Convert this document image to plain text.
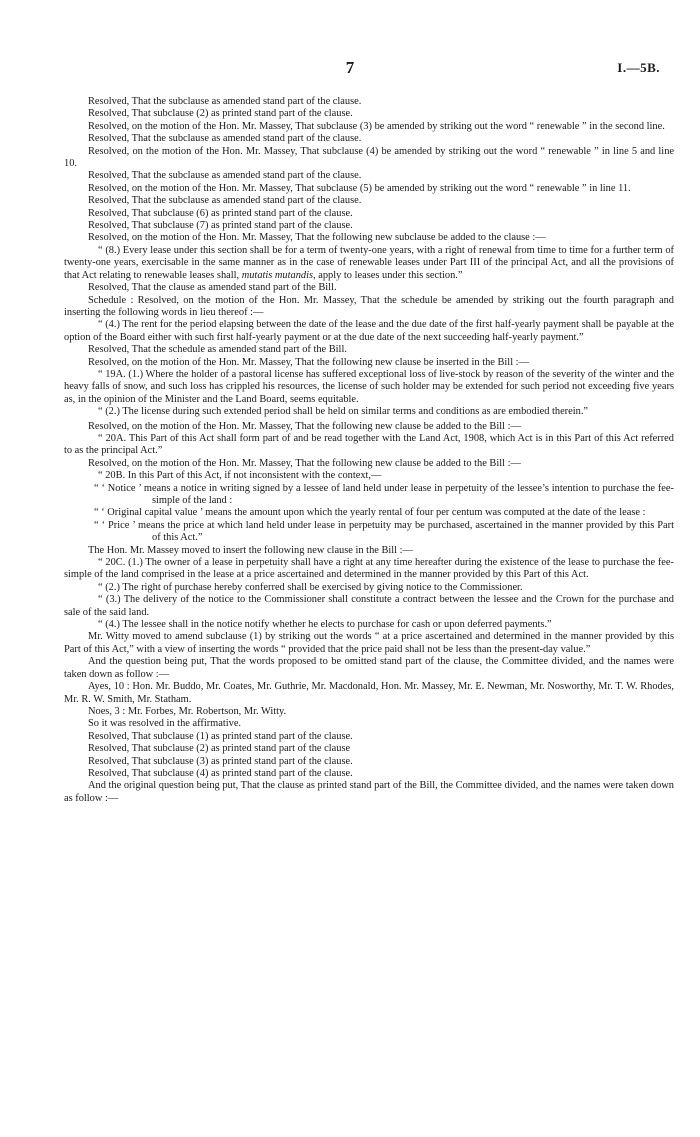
7	I.—5B.

Resolved, That the subclause as amended stand part of the clause.

Resolved, That subclause (2) as printed stand part of the clause.

Resolved, on the motion of the Hon. Mr. Massey, That subclause (3) be amended by striking out the word “ renewable ” in the second line.

Resolved, That the subclause as amended stand part of the clause.

Resolved, on the motion of the Hon. Mr. Massey, That subclause (4) be amended by striking out the word “ renewable ” in line 5 and line 10.

Resolved, That the subclause as amended stand part of the clause.

Resolved, on the motion of the Hon. Mr. Massey, That subclause (5) be amended by striking out the word “ renewable ” in line 11.

Resolved, That the subclause as amended stand part of the clause.

Resolved, That subclause (6) as printed stand part of the clause.

Resolved, That subclause (7) as printed stand part of the clause.

Resolved, on the motion of the Hon. Mr. Massey, That the following new subclause be added to the clause :—

“ (8.) Every lease under this section shall be for a term of twenty-one years, with a right of renewal from time to time for a further term of twenty-one years, exercisable in the same manner as in the case of renewable leases under Part III of the principal Act, and all the provisions of that Act relating to renewable leases shall, mutatis mutandis, apply to leases under this section.”

Resolved, That the clause as amended stand part of the Bill.

Schedule : Resolved, on the motion of the Hon. Mr. Massey, That the schedule be amended by striking out the fourth paragraph and inserting the following words in lieu thereof :—

“ (4.) The rent for the period elapsing between the date of the lease and the due date of the first half-yearly payment shall be payable at the option of the Board either with such first half-yearly payment or at the due date of the next succeeding half-yearly payment.”

Resolved, That the schedule as amended stand part of the Bill.

Resolved, on the motion of the Hon. Mr. Massey, That the following new clause be inserted in the Bill :—

“ 19A. (1.) Where the holder of a pastoral license has suffered exceptional loss of live-stock by reason of the severity of the winter and the heavy falls of snow, and such loss has crippled his resources, the license of such holder may be extended for such period not exceeding five years as, in the opinion of the Minister and the Land Board, seems equitable.

“ (2.) The license during such extended period shall be held on similar terms and conditions as are embodied therein.”

Resolved, on the motion of the Hon. Mr. Massey, That the following new clause be added to the Bill :—

“ 20A. This Part of this Act shall form part of and be read together with the Land Act, 1908, which Act is in this Part of this Act referred to as the principal Act.”

Resolved, on the motion of the Hon. Mr. Massey, That the following new clause be added to the Bill :—

“ 20B. In this Part of this Act, if not inconsistent with the context,—

“ ‘ Notice ’ means a notice in writing signed by a lessee of land held under lease in perpetuity of the lessee’s intention to purchase the fee-simple of the land :

“ ‘ Original capital value ’ means the amount upon which the yearly rental of four per centum was computed at the date of the lease :

“ ‘ Price ’ means the price at which land held under lease in perpetuity may be purchased, ascertained in the manner provided by this Part of this Act.”

The Hon. Mr. Massey moved to insert the following new clause in the Bill :—

“ 20C. (1.) The owner of a lease in perpetuity shall have a right at any time hereafter during the existence of the lease to purchase the fee-simple of the land comprised in the lease at a price ascertained and determined in the manner provided by this Part of this Act.

“ (2.) The right of purchase hereby conferred shall be exercised by giving notice to the Commissioner.

“ (3.) The delivery of the notice to the Commissioner shall constitute a contract between the lessee and the Crown for the purchase and sale of the said land.

“ (4.) The lessee shall in the notice notify whether he elects to purchase for cash or upon deferred payments.”

Mr. Witty moved to amend subclause (1) by striking out the words “ at a price ascertained and determined in the manner provided by this Part of this Act,” with a view of inserting the words “ provided that the price paid shall not be less than the present-day value.”

And the question being put, That the words proposed to be omitted stand part of the clause, the Committee divided, and the names were taken down as follow :—

Ayes, 10 : Hon. Mr. Buddo, Mr. Coates, Mr. Guthrie, Mr. Macdonald, Hon. Mr. Massey, Mr. E. Newman, Mr. Nosworthy, Mr. T. W. Rhodes, Mr. R. W. Smith, Mr. Statham.

Noes, 3 : Mr. Forbes, Mr. Robertson, Mr. Witty.

So it was resolved in the affirmative.

Resolved, That subclause (1) as printed stand part of the clause.

Resolved, That subclause (2) as printed stand part of the clause

Resolved, That subclause (3) as printed stand part of the clause.

Resolved, That subclause (4) as printed stand part of the clause.

And the original question being put, That the clause as printed stand part of the Bill, the Committee divided, and the names were taken down as follow :—
